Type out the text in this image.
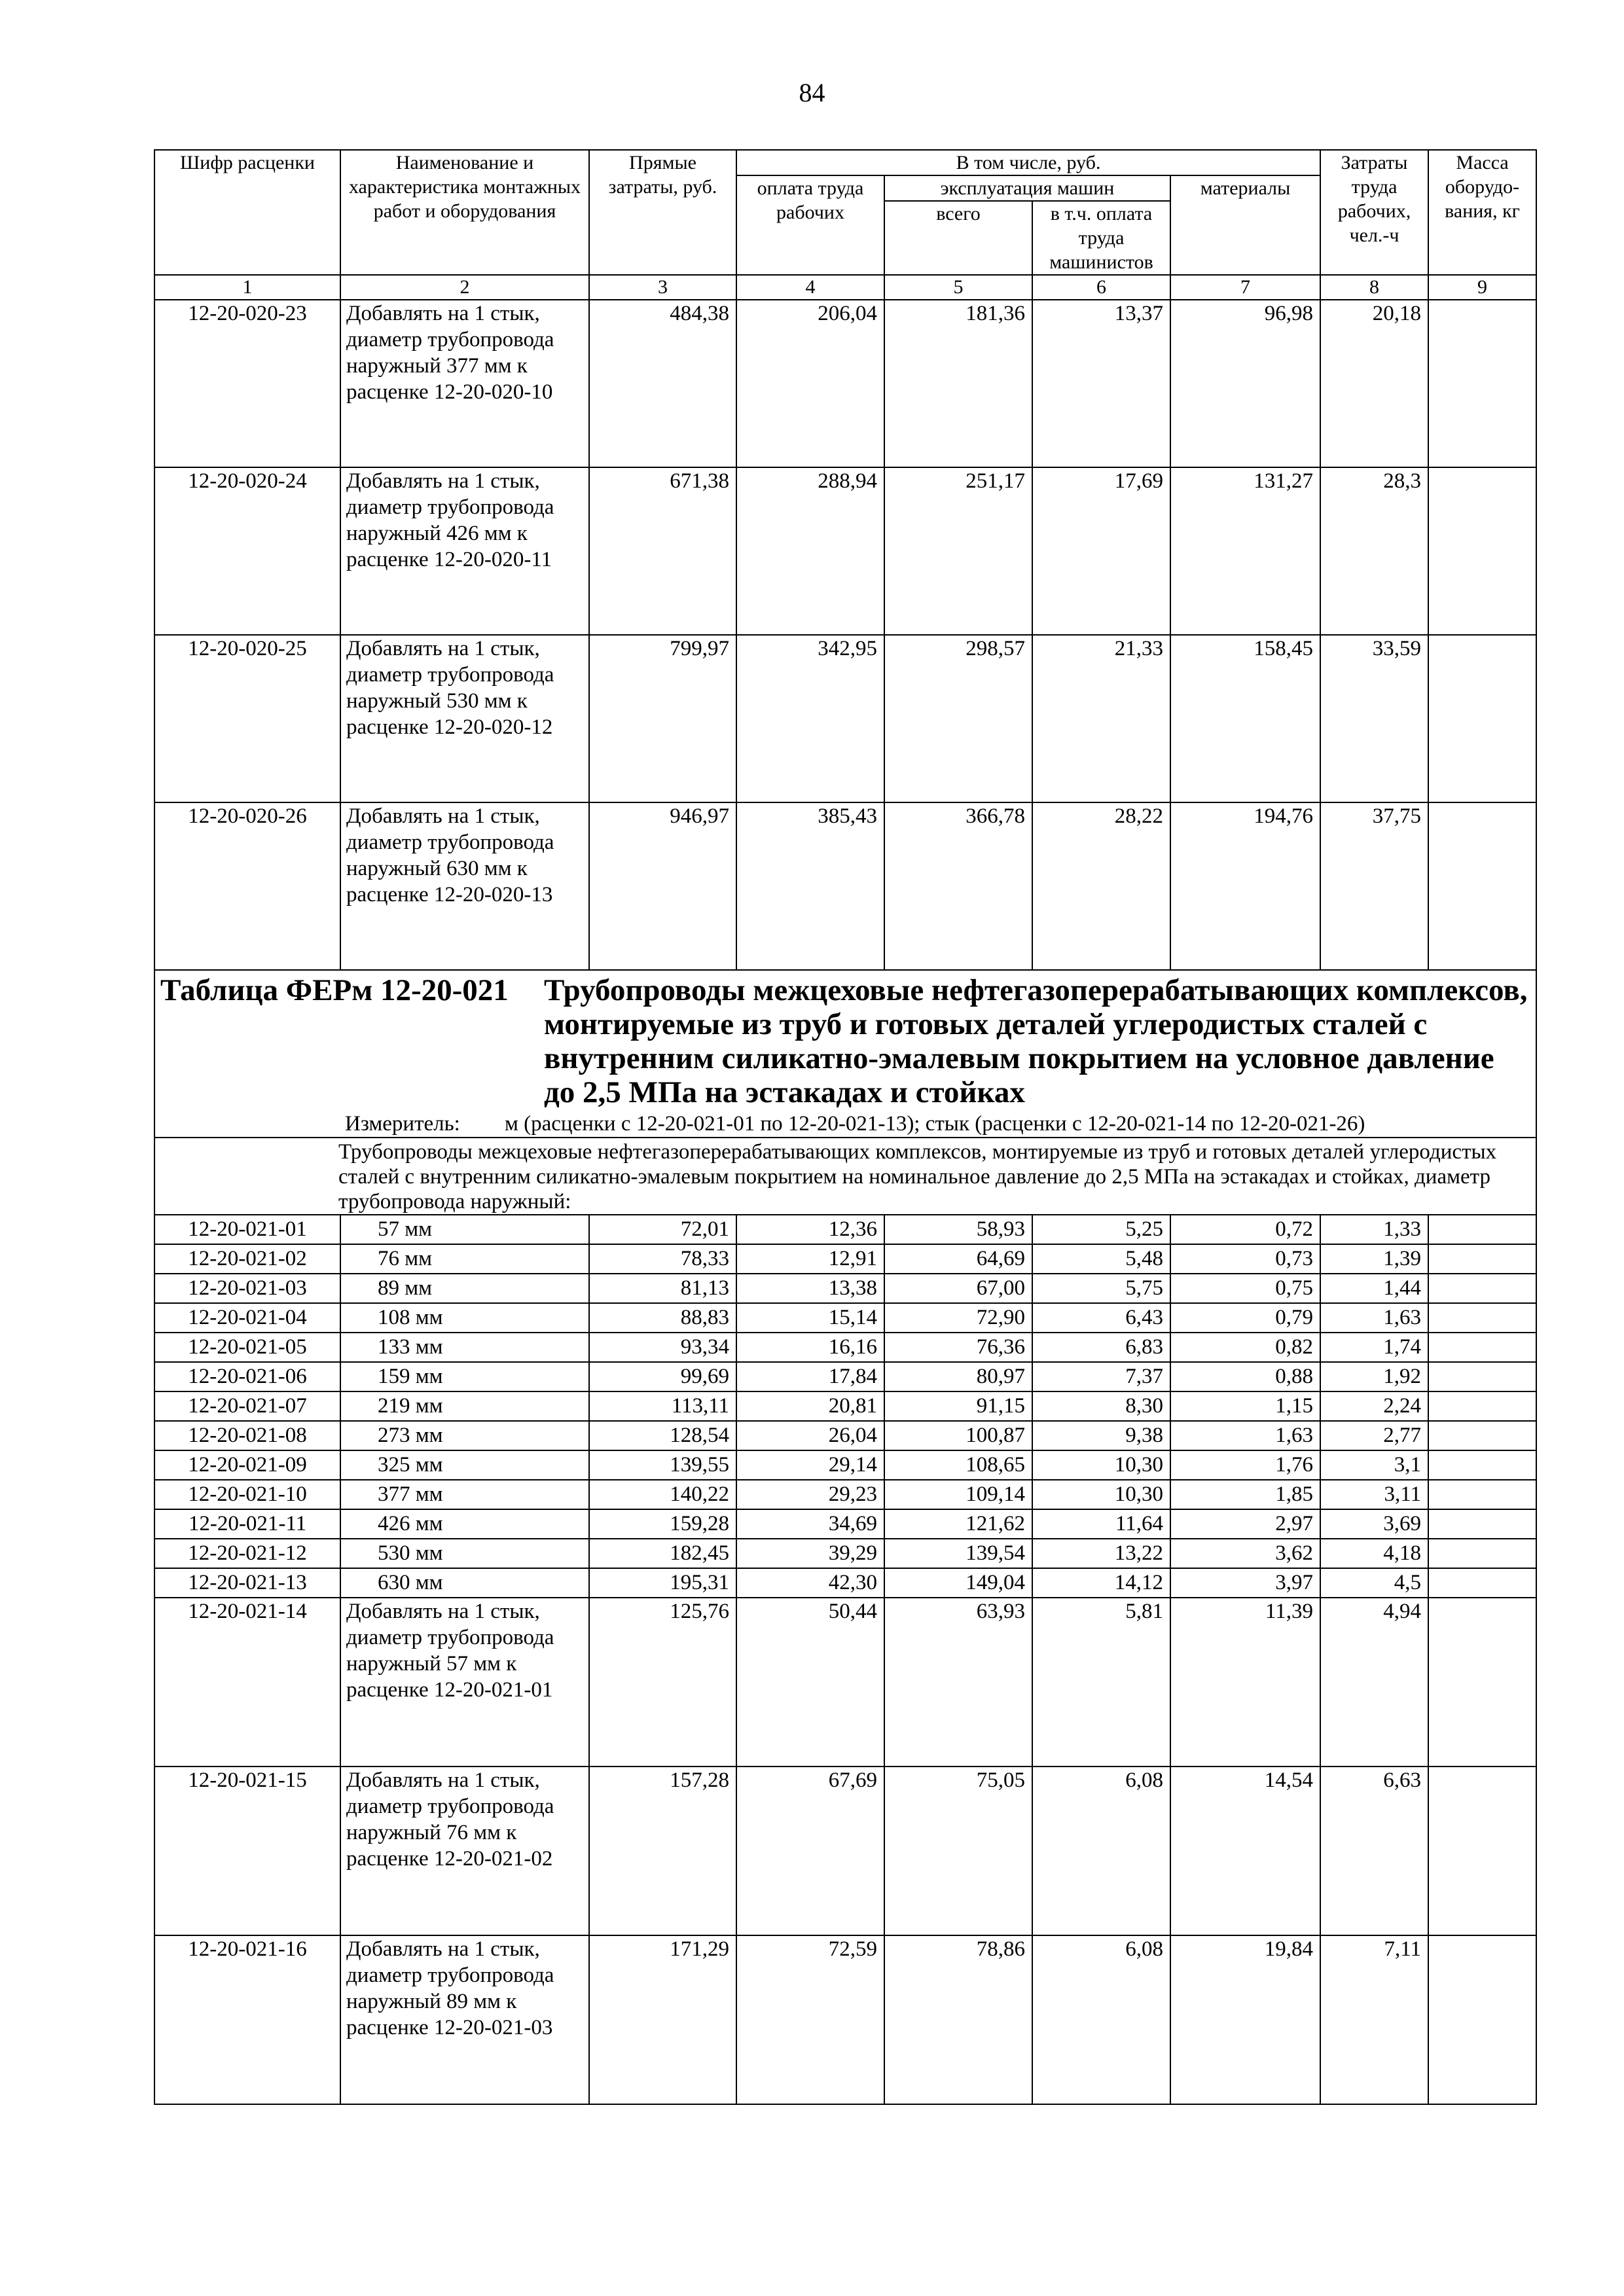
84
Шифр расценки	Наименование и характеристика монтажных работ и оборудования	Прямые затраты, руб.	В том числе, руб.				Затраты труда рабочих, чел.-ч	Масса оборудо-вания, кг
			оплата труда рабочих	эксплуатация машин		материалы		
				всего	в т.ч. оплата труда машинистов			
1	2	3	4	5	6	7	8	9
12-20-020-23	Добавлять на 1 стык, диаметр трубопровода наружный 377 мм к расценке 12-20-020-10	484,38	206,04	181,36	13,37	96,98	20,18	
12-20-020-24	Добавлять на 1 стык, диаметр трубопровода наружный 426 мм к расценке 12-20-020-11	671,38	288,94	251,17	17,69	131,27	28,3	
12-20-020-25	Добавлять на 1 стык, диаметр трубопровода наружный 530 мм к расценке 12-20-020-12	799,97	342,95	298,57	21,33	158,45	33,59	
12-20-020-26	Добавлять на 1 стык, диаметр трубопровода наружный 630 мм к расценке 12-20-020-13	946,97	385,43	366,78	28,22	194,76	37,75	

Таблица ФЕРм 12-20-021 Трубопроводы межцеховые нефтегазоперерабатывающих комплексов, монтируемые из труб и готовых деталей углеродистых сталей с внутренним силикатно-эмалевым покрытием на условное давление до 2,5 МПа на эстакадах и стойках
Измеритель: м (расценки с 12-20-021-01 по 12-20-021-13); стык (расценки с 12-20-021-14 по 12-20-021-26)								

Трубопроводы межцеховые нефтегазоперерабатывающих комплексов, монтируемые из труб и готовых деталей углеродистых сталей с внутренним силикатно-эмалевым покрытием на номинальное давление до 2,5 МПа на эстакадах и стойках, диаметр трубопровода наружный:								
12-20-021-01	57 мм	72,01	12,36	58,93	5,25	0,72	1,33	
12-20-021-02	76 мм	78,33	12,91	64,69	5,48	0,73	1,39	
12-20-021-03	89 мм	81,13	13,38	67,00	5,75	0,75	1,44	
12-20-021-04	108 мм	88,83	15,14	72,90	6,43	0,79	1,63	
12-20-021-05	133 мм	93,34	16,16	76,36	6,83	0,82	1,74	
12-20-021-06	159 мм	99,69	17,84	80,97	7,37	0,88	1,92	
12-20-021-07	219 мм	113,11	20,81	91,15	8,30	1,15	2,24	
12-20-021-08	273 мм	128,54	26,04	100,87	9,38	1,63	2,77	
12-20-021-09	325 мм	139,55	29,14	108,65	10,30	1,76	3,1	
12-20-021-10	377 мм	140,22	29,23	109,14	10,30	1,85	3,11	
12-20-021-11	426 мм	159,28	34,69	121,62	11,64	2,97	3,69	
12-20-021-12	530 мм	182,45	39,29	139,54	13,22	3,62	4,18	
12-20-021-13	630 мм	195,31	42,30	149,04	14,12	3,97	4,5	
12-20-021-14	Добавлять на 1 стык, диаметр трубопровода наружный 57 мм к расценке 12-20-021-01	125,76	50,44	63,93	5,81	11,39	4,94	
12-20-021-15	Добавлять на 1 стык, диаметр трубопровода наружный 76 мм к расценке 12-20-021-02	157,28	67,69	75,05	6,08	14,54	6,63	
12-20-021-16	Добавлять на 1 стык, диаметр трубопровода наружный 89 мм к расценке 12-20-021-03	171,29	72,59	78,86	6,08	19,84	7,11	
